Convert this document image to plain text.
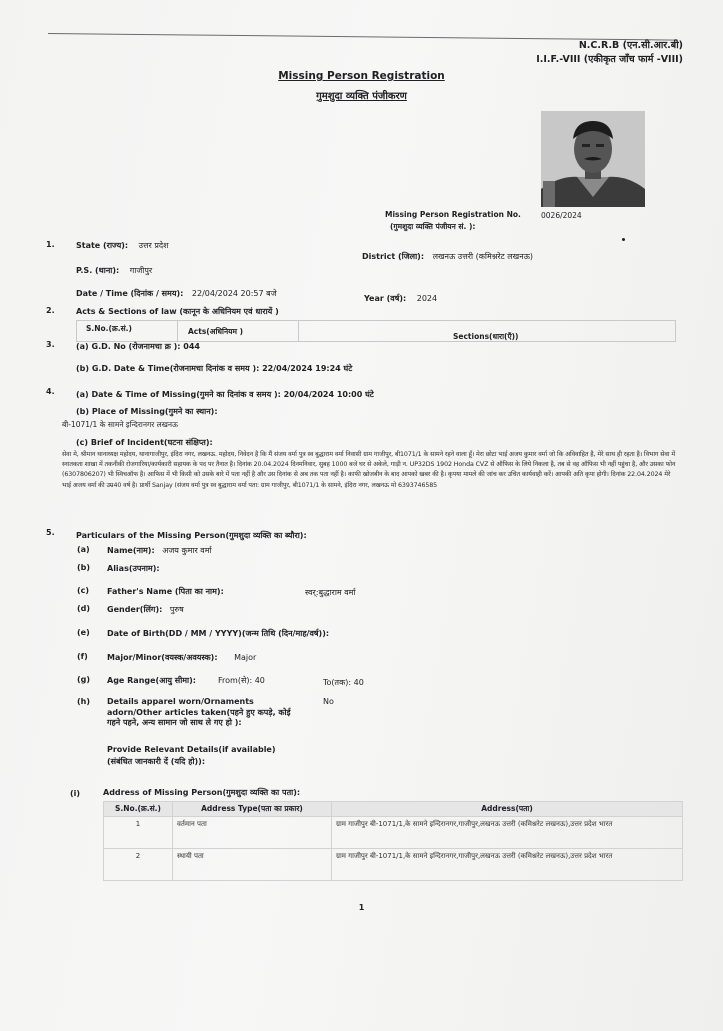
N.C.R.B (एन.सी.आर.बी)
I.I.F.-VIII (एकीकृत जाँच फार्म -VIII)
Missing Person Registration
गुमशुदा व्यक्ति पंजीकरण
Missing Person Registration No.
(गुमशुदा व्यक्ति पंजीयन सं. ):
0026/2024
1.	State (राज्य): उत्तर प्रदेश
District (जिला): लखनऊ उत्तरी (कमिश्नरेट लखनऊ)
P.S. (थाना): गाजीपुर
Date / Time (दिनांक / समय): 22/04/2024 20:57 बजे
Year (वर्ष): 2024
2.	Acts & Sections of law (कानून के अधिनियम एवं धारायें )
S.No.(क्र.सं.)	Acts(अधिनियम )
Sections(धारा(एँ))
3.	(a) G.D. No (रोजनामचा क्र ): 044
(b) G.D. Date & Time(रोजनामचा दिनांक व समय ): 22/04/2024 19:24 घंटे
4.	(a) Date & Time of Missing(गुमने का दिनांक व समय ): 20/04/2024 10:00 घंटे
(b) Place of Missing(गुमने का स्थान):
बी-1071/1 के सामने इन्दिरानगर लखनऊ
(c) Brief of Incident(घटना संक्षिप्त):
सेवा मे, श्रीमान थानाध्यक्ष महोदय, थानागाजीपुर, इंदिरा नगर, लखनऊ. महोदय, निवेदन है कि मैं संजय वर्मा पुत्र स्व बुद्धाराम वर्मा निवासी ग्राम गाजीपुर, बी1071/1 के सामने रहने वाला हूँ। मेरा छोटा भाई अजय कुमार वर्मा जो कि अविवाहित है, मेरे साथ ही रहता है। विभाग सेवा में स्नातकता शाखा में तकनीकी रोजगारिया/कार्यकारी सहायक के पद पर तैनात है। दिनांक 20.04.2024 दिनमनिवार, सुबह 1000 बजे घर से अकेले, गाड़ी न. UP32DS 1902 Honda CVZ से ऑफिस के लिये निकला है, तब से वह ऑफिस भी नहीं पहुंचा है, और उसका फोन (6307806207) भी स्विचऑफ है। आफिस में भी किसी को उसके बारे में पता नहीं है और उस दिनांक से अब तक पता नहीं है। काफी खोजबीन के बाद आपको खबर की है। कृपया मामले की जांच कर उचित कार्यवाही करें। आपकी अति कृपा होगी। दिनांक 22.04.2024 मेरे भाई अजय वर्मा की उम्र40 वर्ष है। प्रार्थी Sanjay (संजय वर्मा पुत्र स्व बुद्धाराम वर्मा पता: ग्राम गाजीपुर, बी1071/1 के सामने, इंदिरा नगर, लखनऊ मो 6393746585
5.	Particulars of the Missing Person(गुमशुदा व्यक्ति का ब्यौरा):
(a) Name(नाम): अजय कुमार वर्मा
(b) Alias(उपनाम):
(c) Father's Name (पिता का नाम):	स्वर्:बुद्धाराम वर्मा
(d) Gender(लिंग): पुरुष
(e) Date of Birth(DD / MM / YYYY)(जन्म तिथि (दिन/माह/वर्ष)):
(f) Major/Minor(वयस्क/अवयस्क): Major
(g) Age Range(आयु सीमा):	From(से): 40	To(तक): 40
(h) Details apparel worn/Ornaments
adorn/Other articles taken(पहने हुए कपड़े, कोई
गहने पहने, अन्य सामान जो साथ ले गए हो ):
No
Provide Relevant Details(if available)
(संबंधित जानकारी दें (यदि हो)):
(i)	Address of Missing Person(गुमशुदा व्यक्ति का पता):
S.No.(क्र.सं.)	Address Type(पता का प्रकार)	Address(पता)
1	वर्तमान पता	ग्राम गाजीपुर बी-1071/1,के सामने इन्दिरानगर,गाजीपुर,लखनऊ उत्तरी (कमिश्नरेट लखनऊ),उत्तर प्रदेश भारत
2	स्थायी पता	ग्राम गाजीपुर बी-1071/1,के सामने इन्दिरानगर,गाजीपुर,लखनऊ उत्तरी (कमिश्नरेट लखनऊ),उत्तर प्रदेश भारत
1
